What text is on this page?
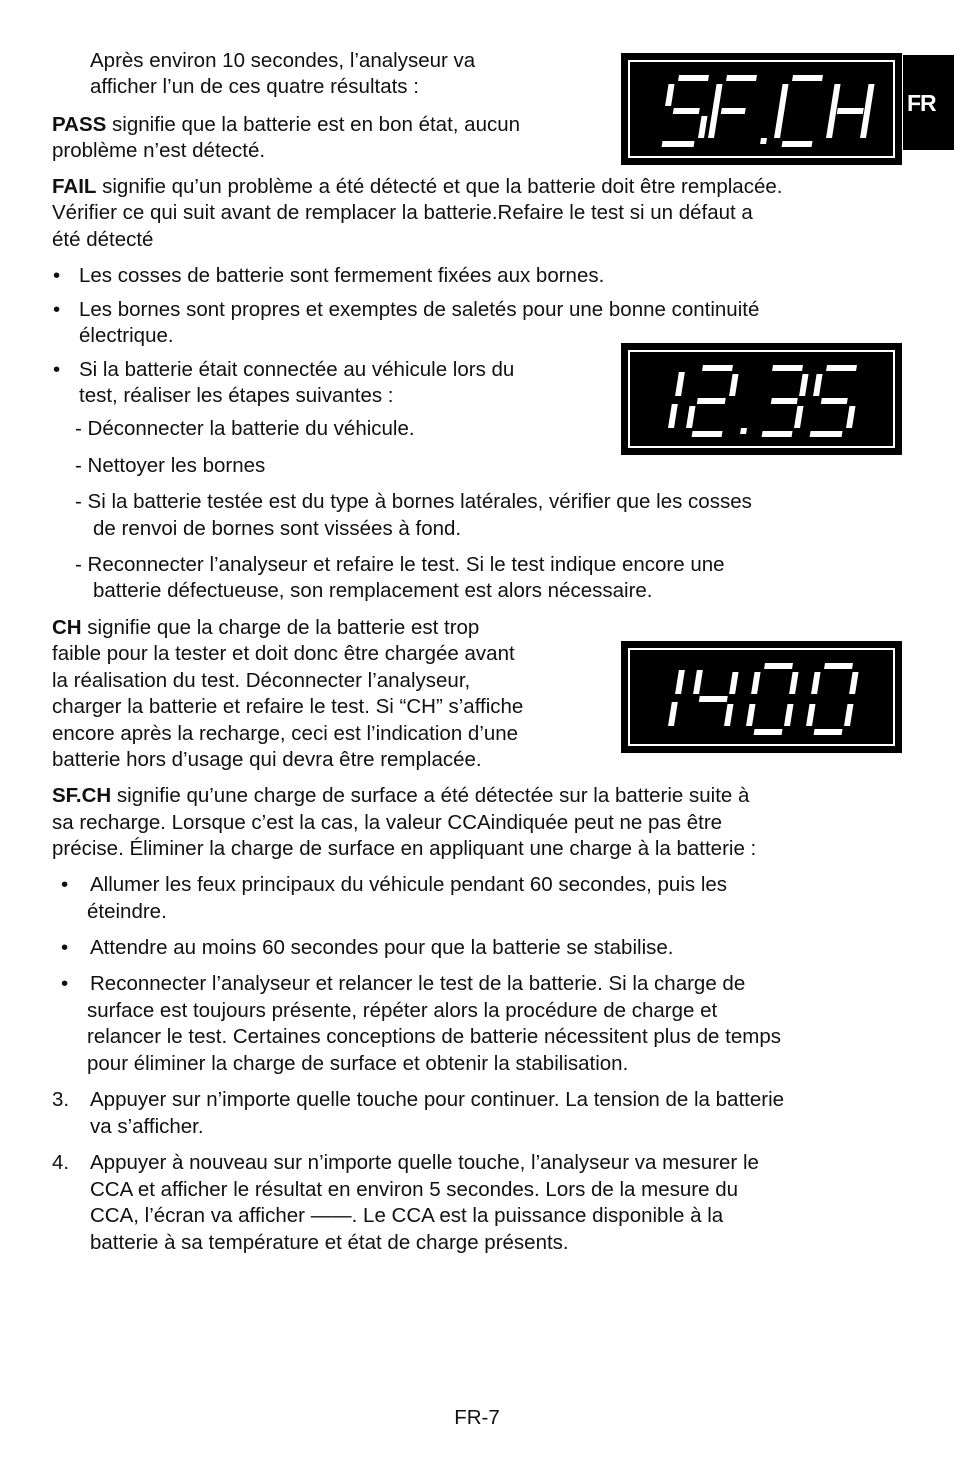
FR
Après environ 10 secondes, l’analyseur va
afficher l’un de ces quatre résultats :
PASS signifie que la batterie est en bon état, aucun
problème n’est détecté.
FAIL signifie qu’un problème a été détecté et que la batterie doit être remplacée.
Vérifier ce qui suit avant de remplacer la batterie.Refaire le test si un défaut a
été détecté
• Les cosses de batterie sont fermement fixées aux bornes.
• Les bornes sont propres et exemptes de saletés pour une bonne continuité
électrique.
• Si la batterie était connectée au véhicule lors du
test, réaliser les étapes suivantes :
- Déconnecter la batterie du véhicule.
- Nettoyer les bornes
- Si la batterie testée est du type à bornes latérales, vérifier que les cosses
de renvoi de bornes sont vissées à fond.
- Reconnecter l’analyseur et refaire le test. Si le test indique encore une
batterie défectueuse, son remplacement est alors nécessaire.
CH signifie que la charge de la batterie est trop
faible pour la tester et doit donc être chargée avant
la réalisation du test. Déconnecter l’analyseur,
charger la batterie et refaire le test. Si “CH” s’affiche
encore après la recharge, ceci est l’indication d’une
batterie hors d’usage qui devra être remplacée.
SF.CH signifie qu’une charge de surface a été détectée sur la batterie suite à
sa recharge. Lorsque c’est la cas, la valeur CCAindiquée peut ne pas être
précise. Éliminer la charge de surface en appliquant une charge à la batterie :
• Allumer les feux principaux du véhicule pendant 60 secondes, puis les
éteindre.
• Attendre au moins 60 secondes pour que la batterie se stabilise.
• Reconnecter l’analyseur et relancer le test de la batterie. Si la charge de
surface est toujours présente, répéter alors la procédure de charge et
relancer le test. Certaines conceptions de batterie nécessitent plus de temps
pour éliminer la charge de surface et obtenir la stabilisation.
3. Appuyer sur n’importe quelle touche pour continuer. La tension de la batterie
va s’afficher.
4. Appuyer à nouveau sur n’importe quelle touche, l’analyseur va mesurer le
CCA et afficher le résultat en environ 5 secondes. Lors de la mesure du
CCA, l’écran va afficher ——. Le CCA est la puissance disponible à la
batterie à sa température et état de charge présents.
FR-7
